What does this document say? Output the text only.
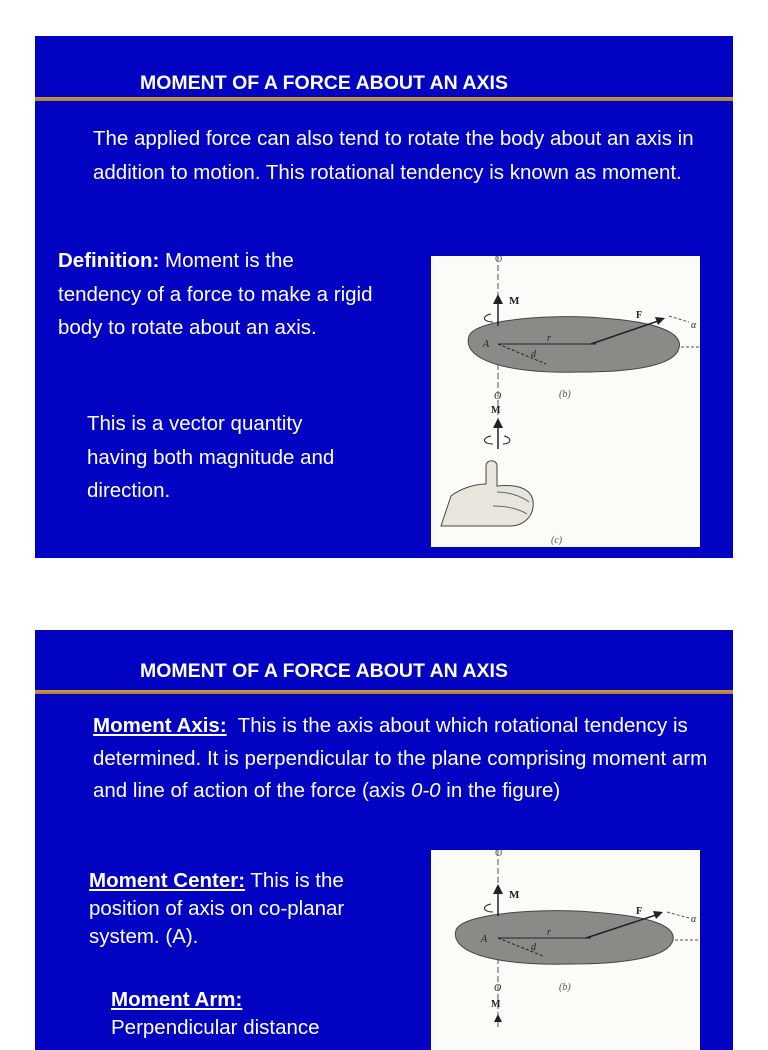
MOMENT OF A FORCE ABOUT AN AXIS
The applied force can also tend to rotate the body about an axis in addition to motion. This rotational tendency is known as moment.
Definition: Moment is the tendency of a force to make a rigid body to rotate about an axis.
This is a vector quantity having both magnitude and direction.
O
M
A
r
d
F
α
(b)
O
M
(c)
MOMENT OF A FORCE ABOUT AN AXIS
Moment Axis: This is the axis about which rotational tendency is determined. It is perpendicular to the plane comprising moment arm and line of action of the force (axis 0-0 in the figure)
Moment Center: This is the position of axis on co-planar system. (A).
Moment Arm:
Perpendicular distance
O
M
A
r
d
F
α
(b)
O
M
